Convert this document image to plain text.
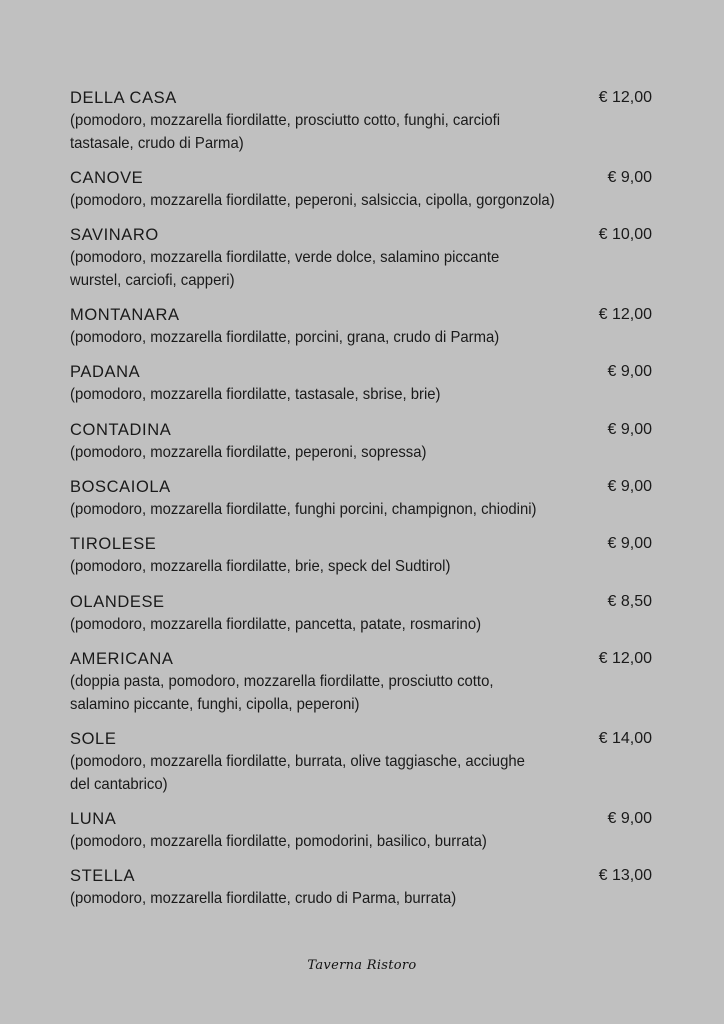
DELLA CASA	€ 12,00
(pomodoro, mozzarella fiordilatte, prosciutto cotto, funghi, carciofi
tastasale, crudo di Parma)
CANOVE	€ 9,00
(pomodoro, mozzarella fiordilatte, peperoni, salsiccia, cipolla, gorgonzola)
SAVINARO	€ 10,00
(pomodoro, mozzarella fiordilatte, verde dolce, salamino piccante
wurstel, carciofi, capperi)
MONTANARA	€ 12,00
(pomodoro, mozzarella fiordilatte, porcini, grana, crudo di Parma)
PADANA	€ 9,00
(pomodoro, mozzarella fiordilatte, tastasale, sbrise, brie)
CONTADINA	€ 9,00
(pomodoro, mozzarella fiordilatte, peperoni, sopressa)
BOSCAIOLA	€ 9,00
(pomodoro, mozzarella fiordilatte, funghi porcini, champignon, chiodini)
TIROLESE	€ 9,00
(pomodoro, mozzarella fiordilatte, brie, speck del Sudtirol)
OLANDESE	€ 8,50
(pomodoro, mozzarella fiordilatte, pancetta, patate, rosmarino)
AMERICANA	€ 12,00
(doppia pasta, pomodoro, mozzarella fiordilatte, prosciutto cotto,
salamino piccante, funghi, cipolla, peperoni)
SOLE	€ 14,00
(pomodoro, mozzarella fiordilatte, burrata, olive taggiasche, acciughe
del cantabrico)
LUNA	€ 9,00
(pomodoro, mozzarella fiordilatte, pomodorini, basilico, burrata)
STELLA	€ 13,00
(pomodoro, mozzarella fiordilatte, crudo di Parma, burrata)
Taverna Ristoro
